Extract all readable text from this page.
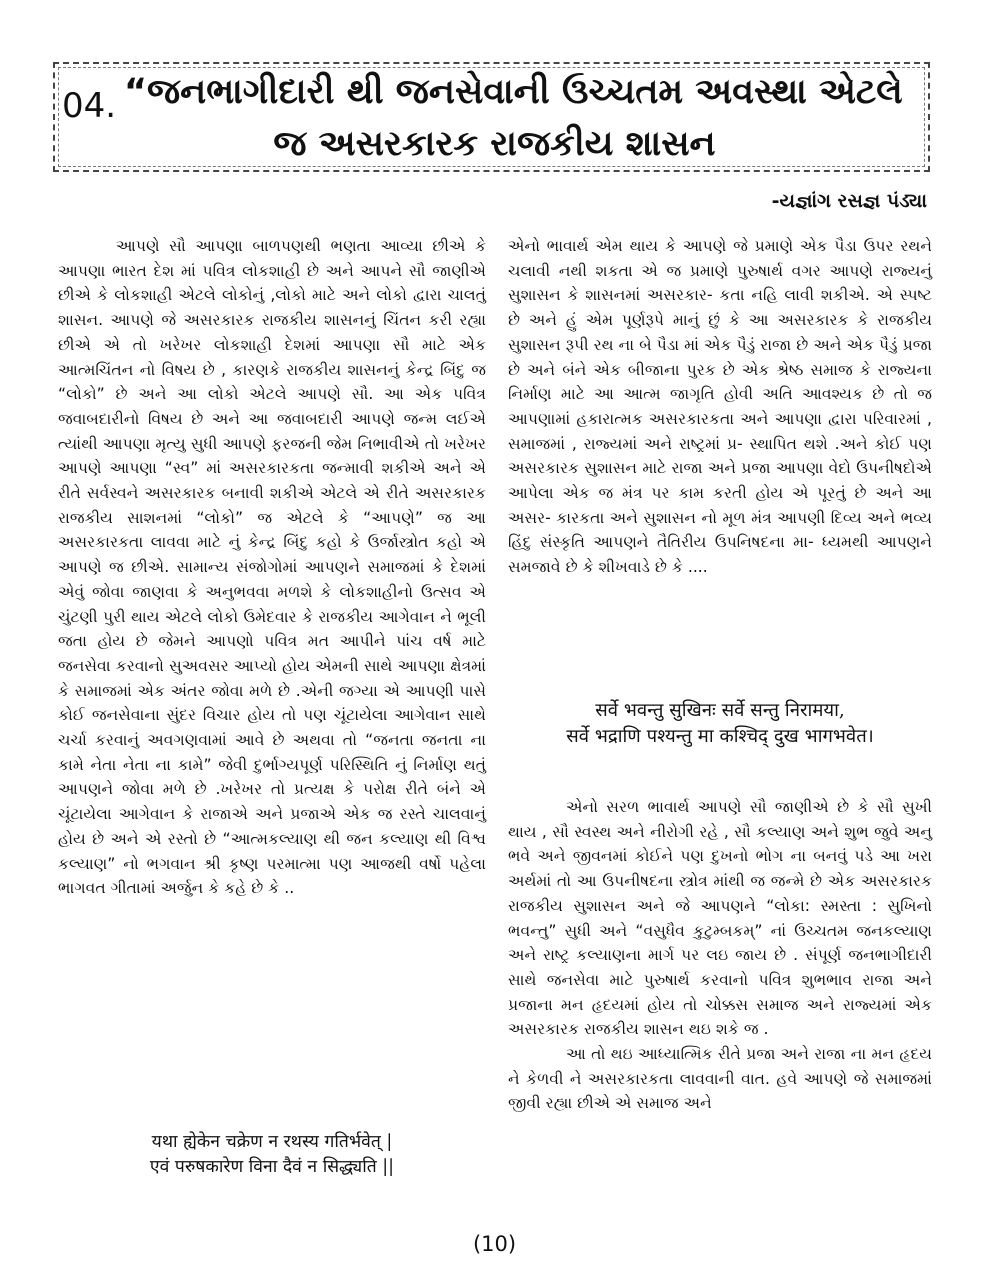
04. “જનભાગીદારી થી જનસેવાની ઉચ્ચતમ અવસ્થા એટલે
જ અસરકારક રાજકીય શાસન
-યજ્ઞાંગ રસજ્ઞ પંડ્યા

આપણે સૌ આપણા બાળપણથી ભણતા આવ્યા છીએ કે આપણા ભારત દેશ માં પવિત્ર લોકશાહી છે અને આપને સૌ જાણીએ છીએ કે લોકશાહી એટલે લોકોનું ,લોકો માટે અને લોકો દ્વારા ચાલતું શાસન. આપણે જે અસરકારક રાજકીય શાસનનું ચિંતન કરી રહ્યા છીએ એ તો ખરેખર લોકશાહી દેશમાં આપણા સૌ માટે એક આત્મચિંતન નો વિષય છે , કારણકે રાજકીય શાસનનું કેન્દ્ર બિંદુ જ “લોકો” છે અને આ લોકો એટલે આપણે સૌ. આ એક પવિત્ર જવાબદારીનો વિષય છે અને આ જવાબદારી આપણે જન્મ લઈએ ત્યાંથી આપણા મૃત્યુ સુધી આપણે ફરજની જેમ નિભાવીએ તો ખરેખર આપણે આપણા “સ્વ” માં અસરકારકતા જન્માવી શકીએ અને એ રીતે સર્વસ્વને અસરકારક બનાવી શકીએ એટલે એ રીતે અસરકારક રાજકીય સાશનમાં “લોકો” જ એટલે કે “આપણે” જ આ અસરકારકતા લાવવા માટે નું કેન્દ્ર બિંદુ કહો કે ઉર્જાસ્ત્રોત કહો એ આપણે જ છીએ. સામાન્ય સંજોગોમાં આપણને સમાજમાં કે દેશમાં એવું જોવા જાણવા કે અનુભવવા મળશે કે લોકશાહીનો ઉત્સવ એ ચુંટણી પુરી થાય એટલે લોકો ઉમેદવાર કે રાજકીય આગેવાન ને ભૂલી જતા હોય છે જેમને આપણો પવિત્ર મત આપીને પાંચ વર્ષ માટે જનસેવા કરવાનો સુઅવસર આપ્યો હોય એમની સાથે આપણા ક્ષેત્રમાં કે સમાજમાં એક અંતર જોવા મળે છે .એની જગ્યા એ આપણી પાસે કોઈ જનસેવાના સુંદર વિચાર હોય તો પણ ચૂંટાયેલા આગેવાન સાથે ચર્ચા કરવાનું અવગણવામાં આવે છે અથવા તો “જનતા જનતા ના કામે નેતા નેતા ના કામે” જેવી દુર્ભાગ્યપૂર્ણ પરિસ્થિતિ નું નિર્માણ થતું આપણને જોવા મળે છે .ખરેખર તો પ્રત્યક્ષ કે પરોક્ષ રીતે બંને એ ચૂંટાયેલા આગેવાન કે રાજાએ અને પ્રજાએ એક જ રસ્તે ચાલવાનું હોય છે અને એ રસ્તો છે “આત્મકલ્યાણ થી જન કલ્યાણ થી વિશ્વ કલ્યાણ” નો ભગવાન શ્રી કૃષ્ણ પરમાત્મા પણ આજથી વર્ષો પહેલા ભાગવત ગીતામાં અર્જુન કે કહે છે કે ..

यथा ह्येकेन चक्रेण न रथस्य गतिर्भवेत् |
एवं परुषकारेण विना दैवं न सिद्ध्यति ||

એનો ભાવાર્થ એમ થાય કે આપણે જે પ્રમાણે એક પૈડા ઉપર રથને ચલાવી નથી શકતા એ જ પ્રમાણે પુરુષાર્થ વગર આપણે રાજ્યનું સુશાસન કે શાસનમાં અસરકાર- કતા નહિ લાવી શકીએ. એ સ્પષ્ટ છે અને હું એમ પૂર્ણરૂપે માનું છું કે આ અસરકારક કે રાજકીય સુશાસન રૂપી રથ ના બે પૈડા માં એક પૈડું રાજા છે અને એક પૈડું પ્રજા છે અને બંને એક બીજાના પુરક છે એક શ્રેષ્ઠ સમાજ કે રાજ્યના નિર્માણ માટે આ આત્મ જાગૃતિ હોવી અતિ આવશ્યક છે તો જ આપણામાં હકારાત્મક અસરકારકતા અને આપણા દ્વારા પરિવારમાં , સમાજમાં , રાજ્યમાં અને રાષ્ટ્રમાં પ્ર- સ્થાપિત થશે .અને કોઈ પણ અસરકારક સુશાસન માટે રાજા અને પ્રજા આપણા વેદો ઉપનીષદોએ આપેલા એક જ મંત્ર પર કામ કરતી હોય એ પૂરતું છે અને આ અસર- કારકતા અને સુશાસન નો મૂળ મંત્ર આપણી દિવ્ય અને ભવ્ય હિંદુ સંસ્કૃતિ આપણને તૈતિરીય ઉપનિષદના મા- ધ્યમથી આપણને સમજાવે છે કે શીખવાડે છે કે ....

सर्वे भवन्तु सुखिनः सर्वे सन्तु निरामया,
सर्वे भद्राणि पश्यन्तु मा कश्चिद् दुख भागभवेत।

એનો સરળ ભાવાર્થ આપણે સૌ જાણીએ છે કે સૌ સુખી થાય , સૌ સ્વસ્થ અને નીરોગી રહે , સૌ કલ્યાણ અને શુભ જુવે અનુ ભવે અને જીવનમાં કોઈને પણ દુખનો ભોગ ના બનવું પડે આ ખરા અર્થમાં તો આ ઉપનીષદના સ્ત્રોત્ર માંથી જ જન્મે છે એક અસરકારક રાજકીય સુશાસન અને જે આપણને “લોકા: સ્મસ્તા : સુખિનો ભવન્તુ” સુધી અને “વસુધૈવ કુટુમ્બકમ્” નાં ઉચ્ચતમ જનકલ્યાણ અને રાષ્ટ્ર કલ્યાણના માર્ગ પર લઇ જાય છે . સંપૂર્ણ જનભાગીદારી સાથે જનસેવા માટે પુરુષાર્થ કરવાનો પવિત્ર શુભભાવ રાજા અને પ્રજાના મન હૃદયમાં હોય તો ચોક્કસ સમાજ અને રાજ્યમાં એક અસરકારક રાજકીય શાસન થઇ શકે જ .

આ તો થઇ આધ્યાત્મિક રીતે પ્રજા અને રાજા ના મન હૃદય ને કેળવી ને અસરકારકતા લાવવાની વાત. હવે આપણે જે સમાજમાં જીવી રહ્યા છીએ એ સમાજ અને

(10)
